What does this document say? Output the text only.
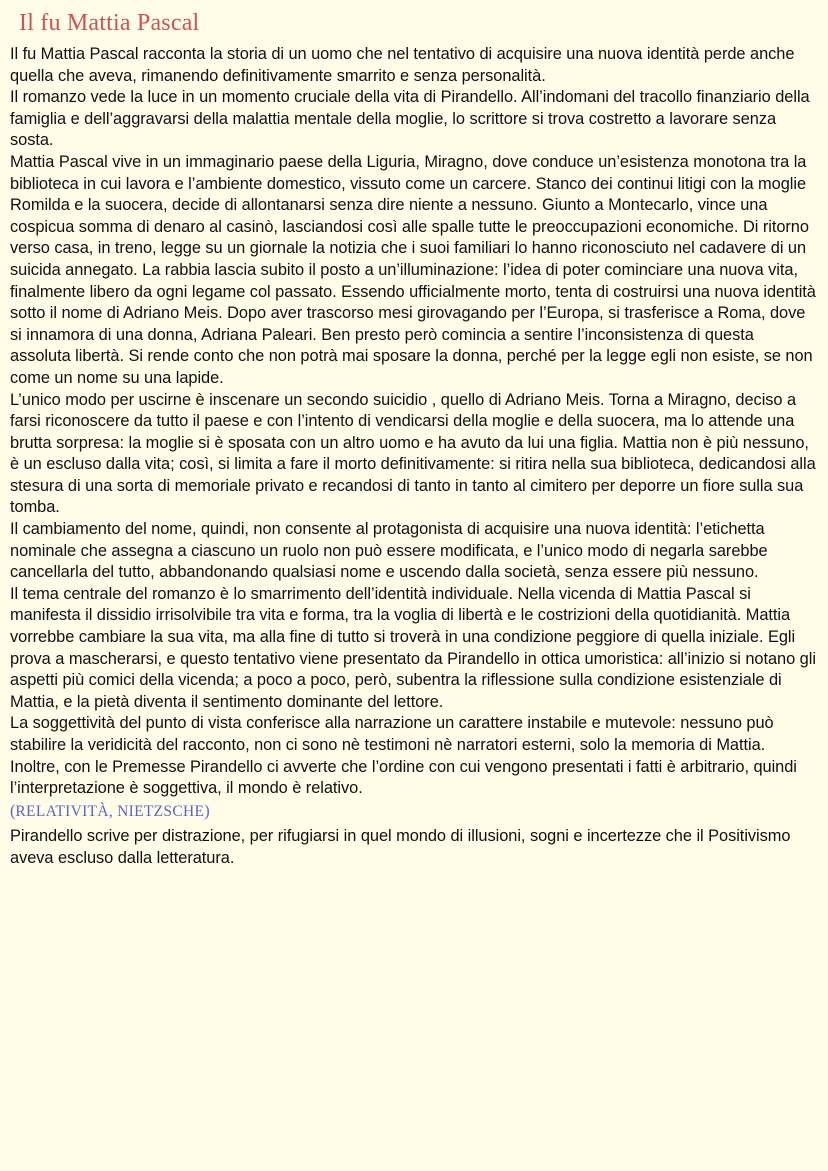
Il fu Mattia Pascal

Il fu Mattia Pascal racconta la storia di un uomo che nel tentativo di acquisire una nuova identità perde anche quella che aveva, rimanendo definitivamente smarrito e senza personalità.

Il romanzo vede la luce in un momento cruciale della vita di Pirandello. All’indomani del tracollo finanziario della famiglia e dell’aggravarsi della malattia mentale della moglie, lo scrittore si trova costretto a lavorare senza sosta.

Mattia Pascal vive in un immaginario paese della Liguria, Miragno, dove conduce un’esistenza monotona tra la biblioteca in cui lavora e l’ambiente domestico, vissuto come un carcere. Stanco dei continui litigi con la moglie Romilda e la suocera, decide di allontanarsi senza dire niente a nessuno. Giunto a Montecarlo, vince una cospicua somma di denaro al casinò, lasciandosi così alle spalle tutte le preoccupazioni economiche. Di ritorno verso casa, in treno, legge su un giornale la notizia che i suoi familiari lo hanno riconosciuto nel cadavere di un suicida annegato. La rabbia lascia subito il posto a un’illuminazione: l’idea di poter cominciare una nuova vita, finalmente libero da ogni legame col passato. Essendo ufficialmente morto, tenta di costruirsi una nuova identità sotto il nome di Adriano Meis. Dopo aver trascorso mesi girovagando per l’Europa, si trasferisce a Roma, dove si innamora di una donna, Adriana Paleari. Ben presto però comincia a sentire l’inconsistenza di questa assoluta libertà. Si rende conto che non potrà mai sposare la donna, perché per la legge egli non esiste, se non come un nome su una lapide.

L’unico modo per uscirne è inscenare un secondo suicidio , quello di Adriano Meis. Torna a Miragno, deciso a farsi riconoscere da tutto il paese e con l’intento di vendicarsi della moglie e della suocera, ma lo attende una brutta sorpresa: la moglie si è sposata con un altro uomo e ha avuto da lui una figlia. Mattia non è più nessuno, è un escluso dalla vita; così, si limita a fare il morto definitivamente: si ritira nella sua biblioteca, dedicandosi alla stesura di una sorta di memoriale privato e recandosi di tanto in tanto al cimitero per deporre un fiore sulla sua tomba.

Il cambiamento del nome, quindi, non consente al protagonista di acquisire una nuova identità: l’etichetta nominale che assegna a ciascuno un ruolo non può essere modificata, e l’unico modo di negarla sarebbe cancellarla del tutto, abbandonando qualsiasi nome e uscendo dalla società, senza essere più nessuno.

Il tema centrale del romanzo è lo smarrimento dell’identità individuale. Nella vicenda di Mattia Pascal si manifesta il dissidio irrisolvibile tra vita e forma, tra la voglia di libertà e le costrizioni della quotidianità. Mattia vorrebbe cambiare la sua vita, ma alla fine di tutto si troverà in una condizione peggiore di quella iniziale. Egli prova a mascherarsi, e questo tentativo viene presentato da Pirandello in ottica umoristica: all’inizio si notano gli aspetti più comici della vicenda; a poco a poco, però, subentra la riflessione sulla condizione esistenziale di Mattia, e la pietà diventa il sentimento dominante del lettore.

La soggettività del punto di vista conferisce alla narrazione un carattere instabile e mutevole: nessuno può stabilire la veridicità del racconto, non ci sono nè testimoni nè narratori esterni, solo la memoria di Mattia. Inoltre, con le Premesse Pirandello ci avverte che l’ordine con cui vengono presentati i fatti è arbitrario, quindi l’interpretazione è soggettiva, il mondo è relativo.

(RELATIVITÀ, NIETZSCHE)

Pirandello scrive per distrazione, per rifugiarsi in quel mondo di illusioni, sogni e incertezze che il Positivismo aveva escluso dalla letteratura.
